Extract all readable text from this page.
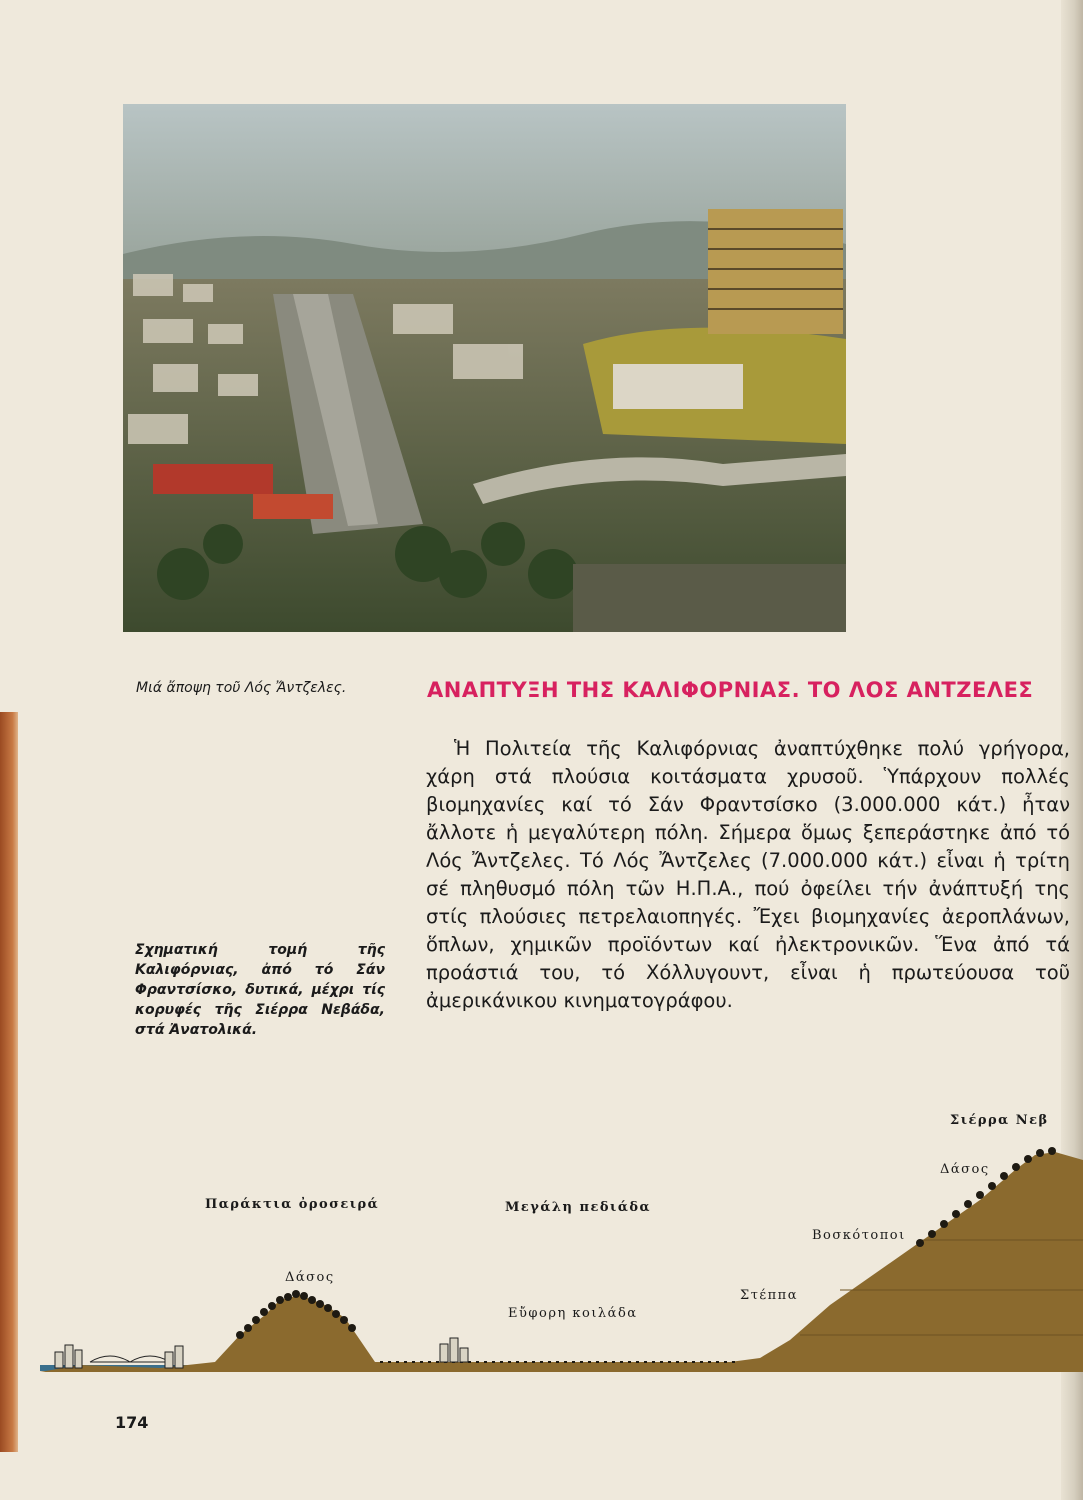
Μιά ἄποψη τοῦ Λός Ἄντζελες.	ΑΝΑΠΤΥΞΗ ΤΗΣ ΚΑΛΙΦΟΡΝΙΑΣ. ΤΟ ΛΟΣ ΑΝΤΖΕΛΕΣ
Ἡ Πολιτεία τῆς Καλιφόρνιας ἀναπτύχθηκε πολύ γρήγορα, χάρη στά πλούσια κοιτάσματα χρυσοῦ. Ὑπάρχουν πολλές βιομηχανίες καί τό Σάν Φραντσίσκο (3.000.000 κάτ.) ἦταν ἄλλοτε ἡ μεγαλύτερη πόλη. Σήμερα ὅμως ξεπεράστηκε ἀπό τό Λός Ἄντζελες. Τό Λός Ἄντζελες (7.000.000 κάτ.) εἶναι ἡ τρίτη σέ πληθυσμό πόλη τῶν Η.Π.Α., πού ὀφείλει τήν ἀνάπτυξή της στίς πλούσιες πετρελαιοπηγές. Ἔχει βιομηχανίες ἀεροπλάνων, ὅπλων, χημικῶν προϊόντων καί ἠλεκτρονικῶν. Ἕνα ἀπό τά προάστιά του, τό Χόλλυγουντ, εἶναι ἡ πρωτεύουσα τοῦ ἀμερικάνικου κινηματογράφου.
Σχηματική τομή τῆς Καλιφόρνιας, ἀπό τό Σάν Φραντσίσκο, δυτικά, μέχρι τίς κορυφές τῆς Σιέρρα Νεβάδα, στά Ἀνατολικά.
Παράκτια ὀροσειρά
Δάσος
Μεγάλη πεδιάδα
Εὔφορη κοιλάδα
Στέππα
Βοσκότοποι
Δάσος
Σιέρρα Νεβ
174
